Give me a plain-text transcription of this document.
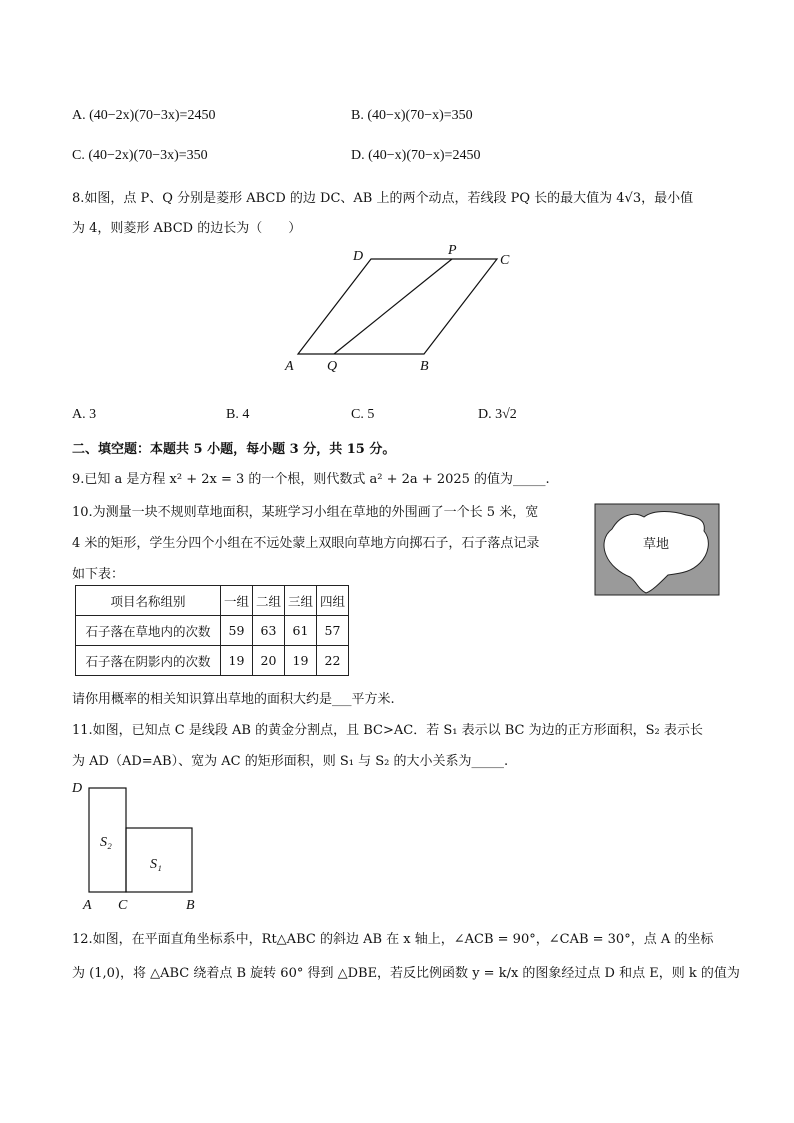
A. (40−2x)(70−3x)=2450	B. (40−x)(70−x)=350
C. (40−2x)(70−3x)=350	D. (40−x)(70−x)=2450
8.如图，点 P、Q 分别是菱形 ABCD 的边 DC、AB 上的两个动点，若线段 PQ 长的最大值为 4√3，最小值
为 4，则菱形 ABCD 的边长为（　　）
A Q	B
C
D	P
A. 3	B. 4	C. 5	D. 3√2
二、填空题：本题共 5 小题，每小题 3 分，共 15 分。
9.已知 a 是方程 x² + 2x = 3 的一个根，则代数式 a² + 2a + 2025 的值为_____.
10.为测量一块不规则草地面积，某班学习小组在草地的外围画了一个长 5 米，宽
4 米的矩形，学生分四个小组在不远处蒙上双眼向草地方向掷石子，石子落点记录
如下表：
草地
项目名称组别	一组	二组	三组	四组
石子落在草地内的次数	59	63	61	57
石子落在阴影内的次数	19	20	19	22
请你用概率的相关知识算出草地的面积大约是___平方米.
11.如图，已知点 C 是线段 AB 的黄金分割点，且 BC>AC．若 S₁ 表示以 BC 为边的正方形面积，S₂ 表示长
为 AD（AD=AB）、宽为 AC 的矩形面积，则 S₁ 与 S₂ 的大小关系为_____.
D
S₂
S₁
A C	B
12.如图，在平面直角坐标系中，Rt△ABC 的斜边 AB 在 x 轴上，∠ACB = 90°，∠CAB = 30°，点 A 的坐标
为 (1,0)，将 △ABC 绕着点 B 旋转 60° 得到 △DBE，若反比例函数 y = k/x 的图象经过点 D 和点 E，则 k 的值为
